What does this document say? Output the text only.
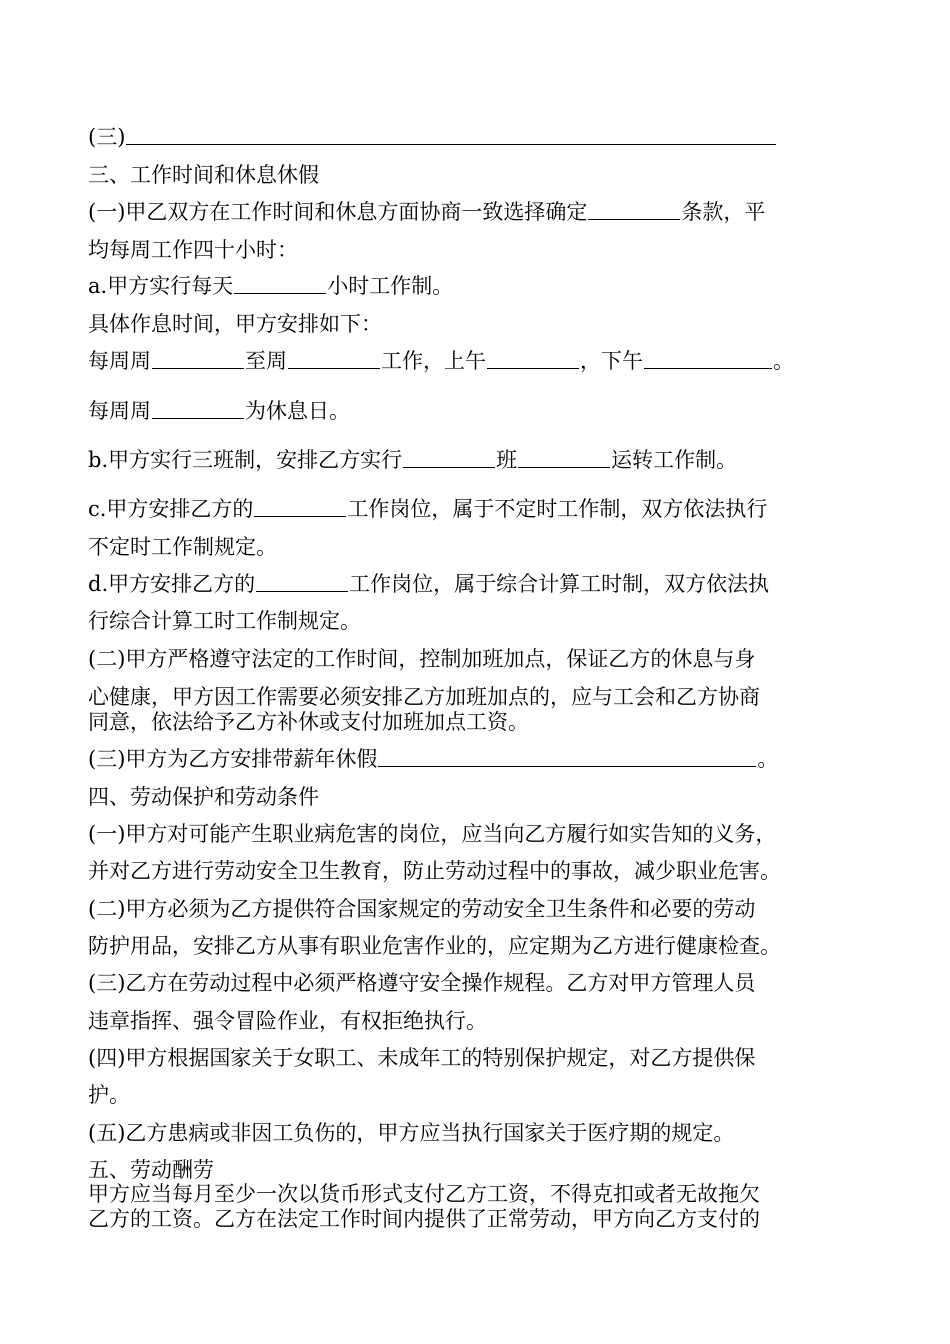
(三)
三、工作时间和休息休假
(一)甲乙双方在工作时间和休息方面协商一致选择确定	条款，平
均每周工作四十小时：
a.甲方实行每天	小时工作制。
具体作息时间，甲方安排如下：
每周周	至周	工作，上午	，下午	。
每周周	为休息日。
b.甲方实行三班制，安排乙方实行	班	运转工作制。
c.甲方安排乙方的	工作岗位，属于不定时工作制，双方依法执行
不定时工作制规定。
d.甲方安排乙方的	工作岗位，属于综合计算工时制，双方依法执
行综合计算工时工作制规定。
(二)甲方严格遵守法定的工作时间，控制加班加点，保证乙方的休息与身
心健康，甲方因工作需要必须安排乙方加班加点的，应与工会和乙方协商
同意，依法给予乙方补休或支付加班加点工资。
(三)甲方为乙方安排带薪年休假	。
四、劳动保护和劳动条件
(一)甲方对可能产生职业病危害的岗位，应当向乙方履行如实告知的义务，
并对乙方进行劳动安全卫生教育，防止劳动过程中的事故，减少职业危害。
(二)甲方必须为乙方提供符合国家规定的劳动安全卫生条件和必要的劳动
防护用品，安排乙方从事有职业危害作业的，应定期为乙方进行健康检查。
(三)乙方在劳动过程中必须严格遵守安全操作规程。乙方对甲方管理人员
违章指挥、强令冒险作业，有权拒绝执行。
(四)甲方根据国家关于女职工、未成年工的特别保护规定，对乙方提供保
护。
(五)乙方患病或非因工负伤的，甲方应当执行国家关于医疗期的规定。
五、劳动酬劳
甲方应当每月至少一次以货币形式支付乙方工资，不得克扣或者无故拖欠
乙方的工资。乙方在法定工作时间内提供了正常劳动，甲方向乙方支付的
